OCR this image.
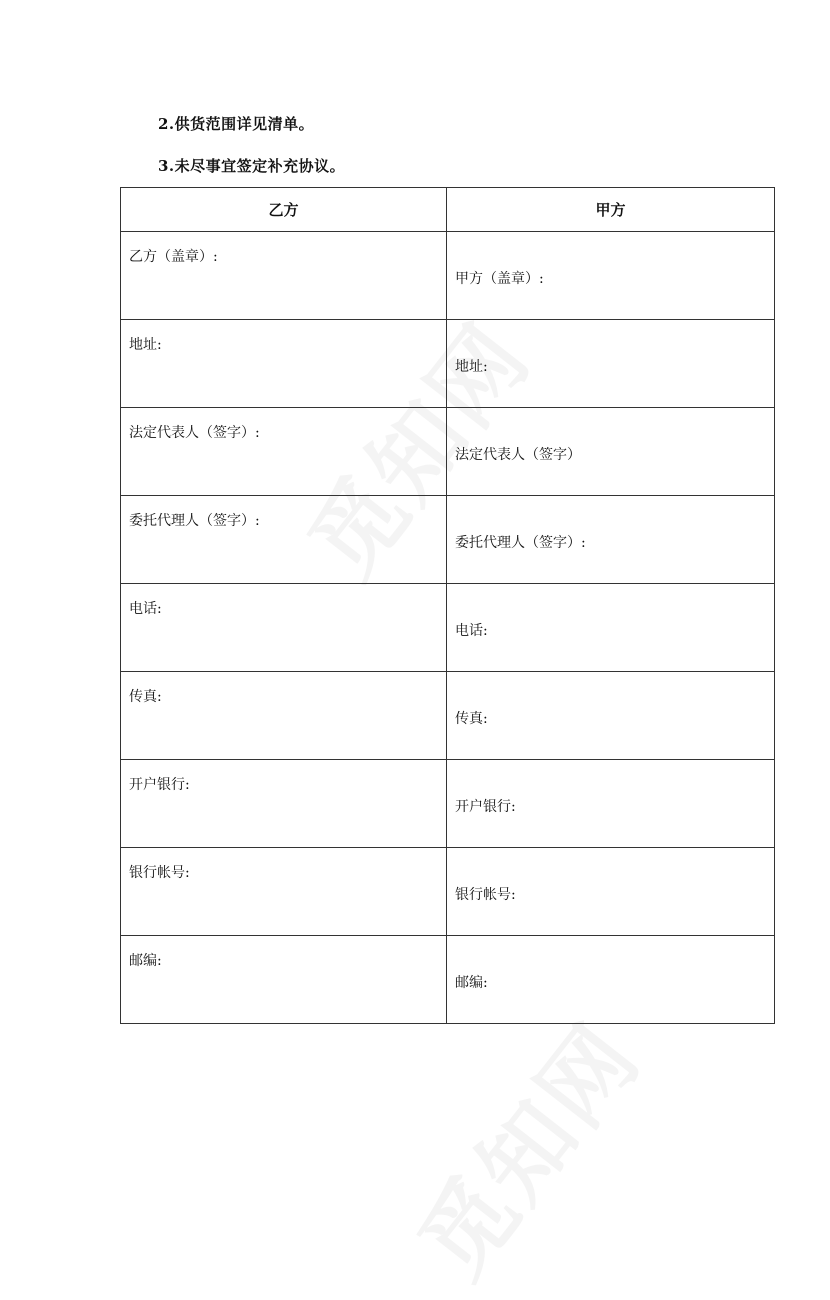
2.供货范围详见清单。
3.未尽事宜签定补充协议。
乙方	甲方

乙方（盖章）:	甲方（盖章）:

地址:	地址:

法定代表人（签字）:	法定代表人（签字）

委托代理人（签字）:	委托代理人（签字）:

电话:	电话:

传真:	传真:

开户银行:	开户银行:

银行帐号:	银行帐号:

邮编:	邮编:
